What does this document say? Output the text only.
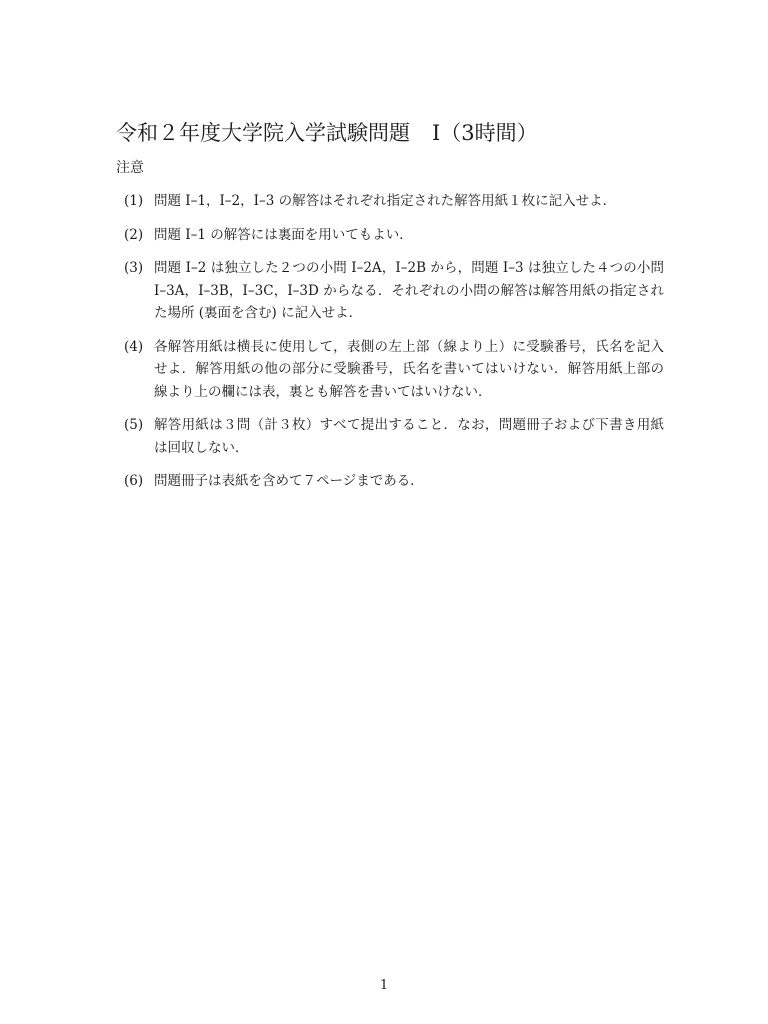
令和２年度大学院入学試験問題 I（3時間）
注意
(1) 問題 I–1，I–2，I–3 の解答はそれぞれ指定された解答用紙１枚に記入せよ．
(2) 問題 I–1 の解答には裏面を用いてもよい．
(3) 問題 I–2 は独立した２つの小問 I–2A，I–2B から，問題 I–3 は独立した４つの小問 I–3A，I–3B，I–3C，I–3D からなる．それぞれの小問の解答は解答用紙の指定された場所 (裏面を含む) に記入せよ．
(4) 各解答用紙は横長に使用して，表側の左上部（線より上）に受験番号，氏名を記入せよ．解答用紙の他の部分に受験番号，氏名を書いてはいけない．解答用紙上部の線より上の欄には表，裏とも解答を書いてはいけない．
(5) 解答用紙は３問（計３枚）すべて提出すること．なお，問題冊子および下書き用紙は回収しない．
(6) 問題冊子は表紙を含めて７ページまである．
1
